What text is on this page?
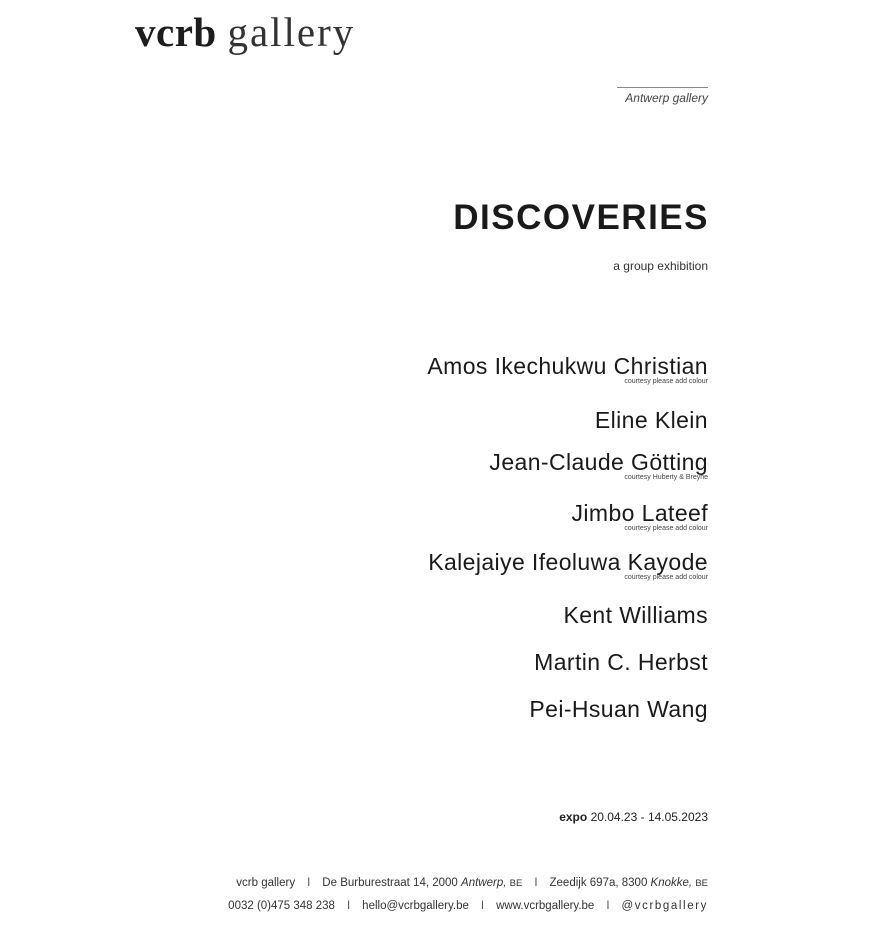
vcrb gallery
Antwerp gallery
DISCOVERIES
a group exhibition
Amos Ikechukwu Christian
courtesy please add colour
Eline Klein
Jean-Claude Götting
courtesy Huberty & Breyne
Jimbo Lateef
courtesy please add colour
Kalejaiye Ifeoluwa Kayode
courtesy please add colour
Kent Williams
Martin C. Herbst
Pei-Hsuan Wang
expo 20.04.23 - 14.05.2023
vcrb gallery I De Burburestraat 14, 2000 Antwerp, BE I Zeedijk 697a, 8300 Knokke, BE
0032 (0)475 348 238 I hello@vcrbgallery.be I www.vcrbgallery.be I @vcrbgallery
